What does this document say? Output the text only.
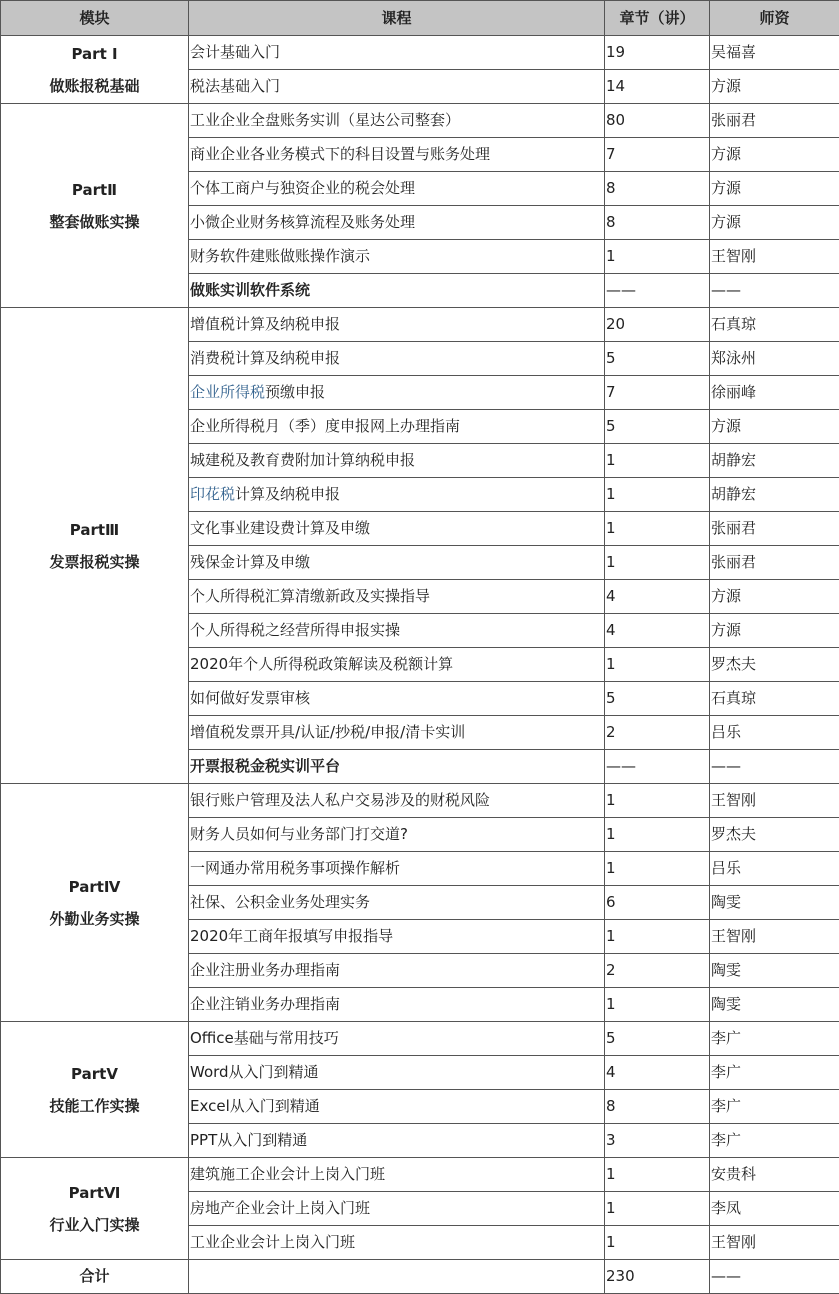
模块	课程	章节（讲）	师资

Part Ⅰ
做账报税基础	会计基础入门	19	吴福喜
	税法基础入门	14	方源

PartⅡ
整套做账实操	工业企业全盘账务实训（星达公司整套）	80	张丽君
	商业企业各业务模式下的科目设置与账务处理	7	方源
	个体工商户与独资企业的税会处理	8	方源
	小微企业财务核算流程及账务处理	8	方源
	财务软件建账做账操作演示	1	王智刚
	做账实训软件系统	——	——

PartⅢ
发票报税实操	增值税计算及纳税申报	20	石真琼
	消费税计算及纳税申报	5	郑泳州
	企业所得税预缴申报	7	徐丽峰
	企业所得税月（季）度申报网上办理指南	5	方源
	城建税及教育费附加计算纳税申报	1	胡静宏
	印花税计算及纳税申报	1	胡静宏
	文化事业建设费计算及申缴	1	张丽君
	残保金计算及申缴	1	张丽君
	个人所得税汇算清缴新政及实操指导	4	方源
	个人所得税之经营所得申报实操	4	方源
	2020年个人所得税政策解读及税额计算	1	罗杰夫
	如何做好发票审核	5	石真琼
	增值税发票开具/认证/抄税/申报/清卡实训	2	吕乐
	开票报税金税实训平台	——	——

PartⅣ
外勤业务实操	银行账户管理及法人私户交易涉及的财税风险	1	王智刚
	财务人员如何与业务部门打交道?	1	罗杰夫
	一网通办常用税务事项操作解析	1	吕乐
	社保、公积金业务处理实务	6	陶雯
	2020年工商年报填写申报指导	1	王智刚
	企业注册业务办理指南	2	陶雯
	企业注销业务办理指南	1	陶雯

PartⅤ
技能工作实操	Office基础与常用技巧	5	李广
	Word从入门到精通	4	李广
	Excel从入门到精通	8	李广
	PPT从入门到精通	3	李广

PartⅥ
行业入门实操	建筑施工企业会计上岗入门班	1	安贵科
	房地产企业会计上岗入门班	1	李凤
	工业企业会计上岗入门班	1	王智刚
合计		230	——
